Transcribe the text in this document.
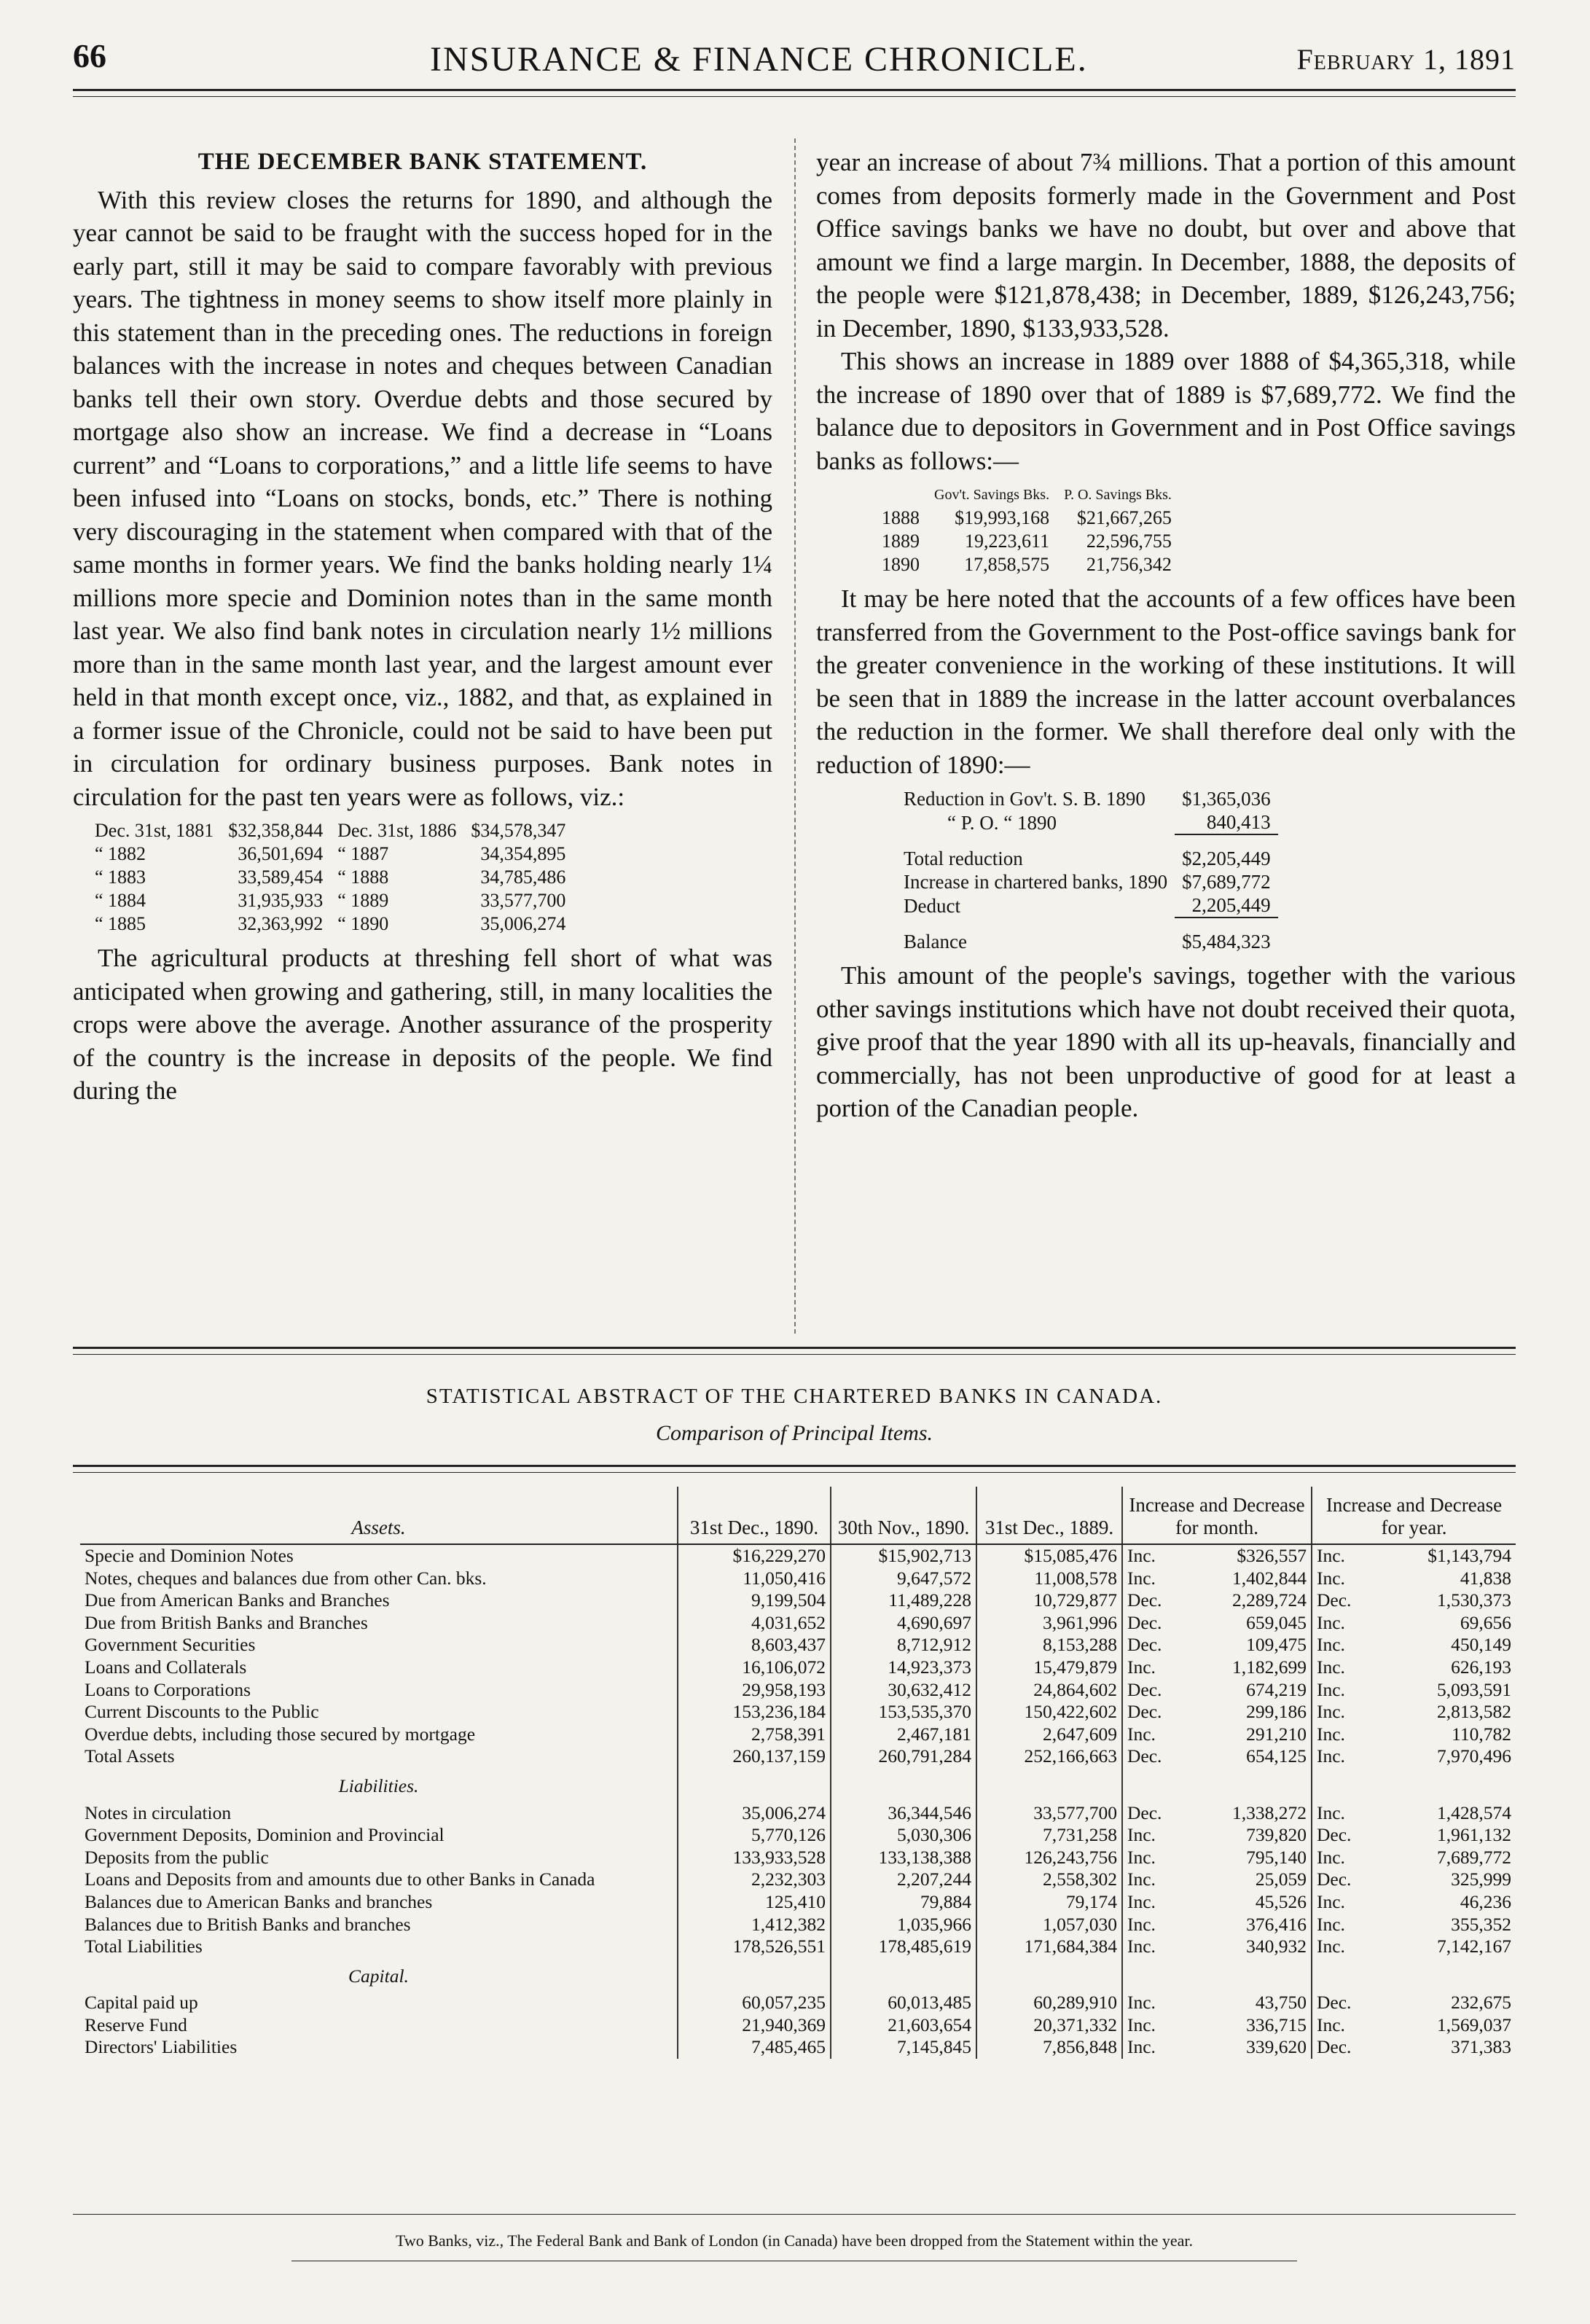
66	INSURANCE & FINANCE CHRONICLE.	February 1, 1891
THE DECEMBER BANK STATEMENT.

With this review closes the returns for 1890, and although the year cannot be said to be fraught with the success hoped for in the early part, still it may be said to compare favorably with previous years. The tightness in money seems to show itself more plainly in this statement than in the preceding ones. The reductions in foreign balances with the increase in notes and cheques between Canadian banks tell their own story. Overdue debts and those secured by mortgage also show an increase. We find a decrease in “Loans current” and “Loans to corporations,” and a little life seems to have been infused into “Loans on stocks, bonds, etc.” There is nothing very discouraging in the statement when compared with that of the same months in former years. We find the banks holding nearly 1¼ millions more specie and Dominion notes than in the same month last year. We also find bank notes in circulation nearly 1½ millions more than in the same month last year, and the largest amount ever held in that month except once, viz., 1882, and that, as explained in a former issue of the Chronicle, could not be said to have been put in circulation for ordinary business purposes. Bank notes in circulation for the past ten years were as follows, viz.:

Dec. 31st, 1881	$32,358,844	Dec. 31st, 1886	$34,578,347
“ 1882	36,501,694	“ 1887	34,354,895
“ 1883	33,589,454	“ 1888	34,785,486
“ 1884	31,935,933	“ 1889	33,577,700
“ 1885	32,363,992	“ 1890	35,006,274

The agricultural products at threshing fell short of what was anticipated when growing and gathering, still, in many localities the crops were above the average. Another assurance of the prosperity of the country is the increase in deposits of the people. We find during the

year an increase of about 7¾ millions. That a portion of this amount comes from deposits formerly made in the Government and Post Office savings banks we have no doubt, but over and above that amount we find a large margin. In December, 1888, the deposits of the people were $121,878,438; in December, 1889, $126,243,756; in December, 1890, $133,933,528.

This shows an increase in 1889 over 1888 of $4,365,318, while the increase of 1890 over that of 1889 is $7,689,772. We find the balance due to depositors in Government and in Post Office savings banks as follows:—

	Gov't. Savings Bks.	P. O. Savings Bks.
1888	$19,993,168	$21,667,265
1889	19,223,611	22,596,755
1890	17,858,575	21,756,342

It may be here noted that the accounts of a few offices have been transferred from the Government to the Post-office savings bank for the greater convenience in the working of these institutions. It will be seen that in 1889 the increase in the latter account overbalances the reduction in the former. We shall therefore deal only with the reduction of 1890:—

Reduction in Gov't. S. B. 1890	$1,365,036
“ P. O. “ 1890	840,413
Total reduction	$2,205,449
Increase in chartered banks, 1890	$7,689,772
Deduct	2,205,449
Balance	$5,484,323

This amount of the people's savings, together with the various other savings institutions which have not doubt received their quota, give proof that the year 1890 with all its up-heavals, financially and commercially, has not been unproductive of good for at least a portion of the Canadian people.

STATISTICAL ABSTRACT OF THE CHARTERED BANKS IN CANADA.
Comparison of Principal Items.
Assets.	31st Dec., 1890.	30th Nov., 1890.	31st Dec., 1889.	Increase and Decrease for month.		Increase and Decrease for year.	
Specie and Dominion Notes	$16,229,270	$15,902,713	$15,085,476	Inc.	$326,557	Inc.	$1,143,794
Notes, cheques and balances due from other Can. bks.	11,050,416	9,647,572	11,008,578	Inc.	1,402,844	Inc.	41,838
Due from American Banks and Branches	9,199,504	11,489,228	10,729,877	Dec.	2,289,724	Dec.	1,530,373
Due from British Banks and Branches	4,031,652	4,690,697	3,961,996	Dec.	659,045	Inc.	69,656
Government Securities	8,603,437	8,712,912	8,153,288	Dec.	109,475	Inc.	450,149
Loans and Collaterals	16,106,072	14,923,373	15,479,879	Inc.	1,182,699	Inc.	626,193
Loans to Corporations	29,958,193	30,632,412	24,864,602	Dec.	674,219	Inc.	5,093,591
Current Discounts to the Public	153,236,184	153,535,370	150,422,602	Dec.	299,186	Inc.	2,813,582
Overdue debts, including those secured by mortgage	2,758,391	2,467,181	2,647,609	Inc.	291,210	Inc.	110,782
Total Assets	260,137,159	260,791,284	252,166,663	Dec.	654,125	Inc.	7,970,496
Liabilities.							
Notes in circulation	35,006,274	36,344,546	33,577,700	Dec.	1,338,272	Inc.	1,428,574
Government Deposits, Dominion and Provincial	5,770,126	5,030,306	7,731,258	Inc.	739,820	Dec.	1,961,132
Deposits from the public	133,933,528	133,138,388	126,243,756	Inc.	795,140	Inc.	7,689,772
Loans and Deposits from and amounts due to other Banks in Canada	2,232,303	2,207,244	2,558,302	Inc.	25,059	Dec.	325,999
Balances due to American Banks and branches	125,410	79,884	79,174	Inc.	45,526	Inc.	46,236
Balances due to British Banks and branches	1,412,382	1,035,966	1,057,030	Inc.	376,416	Inc.	355,352
Total Liabilities	178,526,551	178,485,619	171,684,384	Inc.	340,932	Inc.	7,142,167
Capital.							
Capital paid up	60,057,235	60,013,485	60,289,910	Inc.	43,750	Dec.	232,675
Reserve Fund	21,940,369	21,603,654	20,371,332	Inc.	336,715	Inc.	1,569,037
Directors' Liabilities	7,485,465	7,145,845	7,856,848	Inc.	339,620	Dec.	371,383
Two Banks, viz., The Federal Bank and Bank of London (in Canada) have been dropped from the Statement within the year.
